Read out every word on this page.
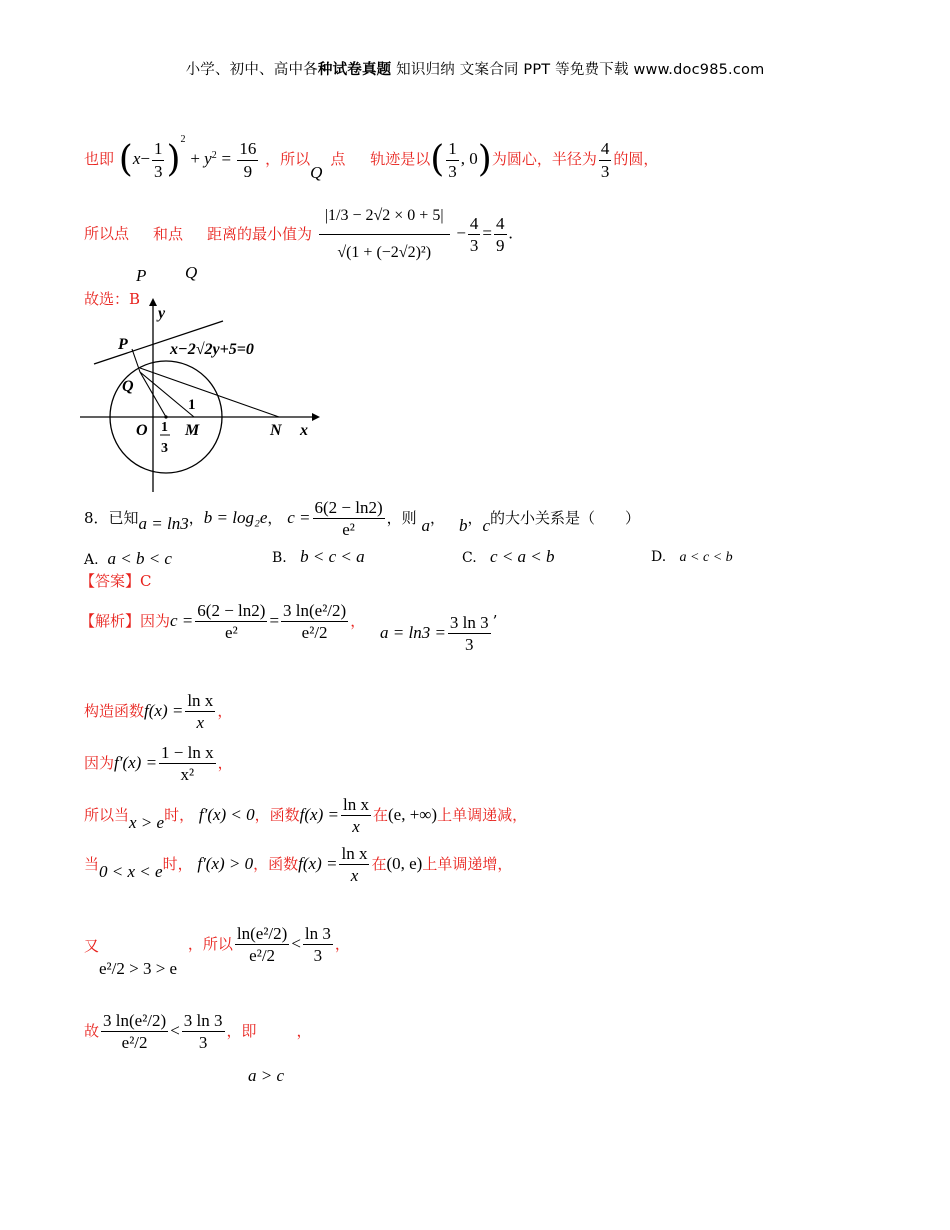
小学、初中、高中各种试卷真题 知识归纳 文案合同 PPT 等免费下载 www.doc985.com
也即 $(x- \frac{1}{3} )^2 + y^2 = \frac{16}{9}$ ，所以Q点 轨迹是以( $\frac{1}{3}$ , 0)为圆心，半径为 $\frac{4}{3}$ 的圆，
所以点 和点 距离的最小值为 $\frac{|1/3 - 2√2 \times 0 + 5|}{\text{√(1 + (−2√2)²)}} - \frac{4}{3} = \frac{4}{9}$ .
P Q
故选：B
y
x
P
Q
O M	N
1
1
3
x−2√2y+5=0
8．已知a = ln3，b = log₂e， $c = \frac{6(2 - \ln 2)}{\text{e²}}$ ，则 a， b，c的大小关系是（　　）
A. a < b < c	B. b < c < a	C. c < a < b	D. a < c < b
【答案】C
【解析】因为$c = \frac{6(2 - \ln 2)}{\text{e²}} = \frac{\text{3 ln(e²/2)}}{\text{e²/2}}$ ， $a = \ln 3 = \frac{3 \ln 3}{3}$ ’
构造函数$f(x) = \frac{\text{ln x}}{x}$ ，
因为$f'(x) = \frac{\text{1 − ln x}}{\text{x²}}$ ，
所以当x > e时， f′(x) < 0，函数$f(x) = \frac{\text{ln x}}{x}$ 在(e, +∞)上单调递减，
当0 < x < e时， f′(x) > 0，函数$f(x) = \frac{\text{ln x}}{x}$ 在(0, e)上单调递增，
又e²/2 > 3 > e ，所以 $\frac{\text{ln(e²/2)}}{\text{e²/2}} < \frac{\ln 3}{3}$ ，
故 $\frac{\text{3 ln(e²/2)}}{\text{e²/2}} < \frac{3 \ln 3}{3}$ ，即	，
a > c
